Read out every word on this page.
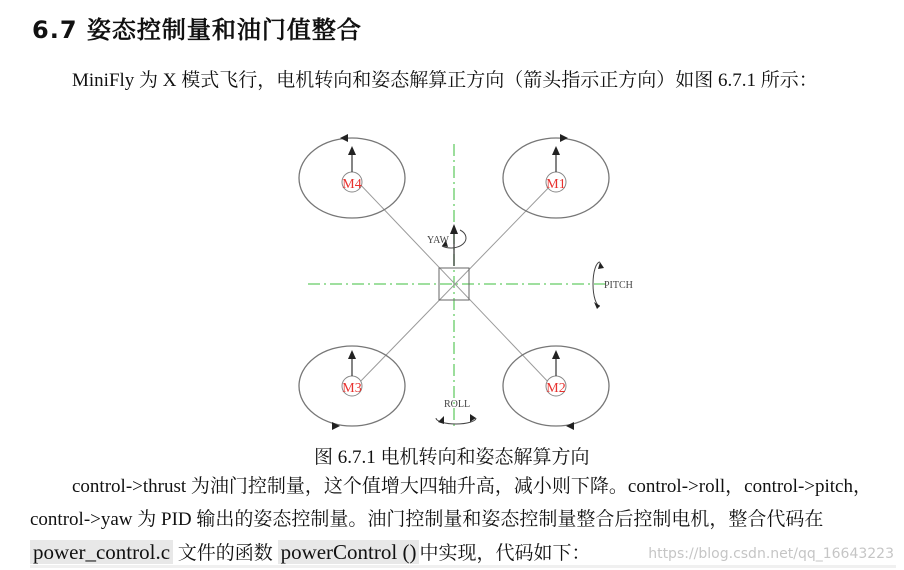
6.7 姿态控制量和油门值整合

MiniFly 为 X 模式飞行，电机转向和姿态解算正方向（箭头指示正方向）如图 6.7.1 所示：

M4	M1
M3	M2
YAW
PITCH
ROLL
图 6.7.1 电机转向和姿态解算方向

control->thrust 为油门控制量，这个值增大四轴升高，减小则下降。control->roll，control->pitch，control->yaw 为 PID 输出的姿态控制量。油门控制量和姿态控制量整合后控制电机，整合代码在 power_control.c 文件的函数 powerControl () 中实现，代码如下：	https://blog.csdn.net/qq_16643223
